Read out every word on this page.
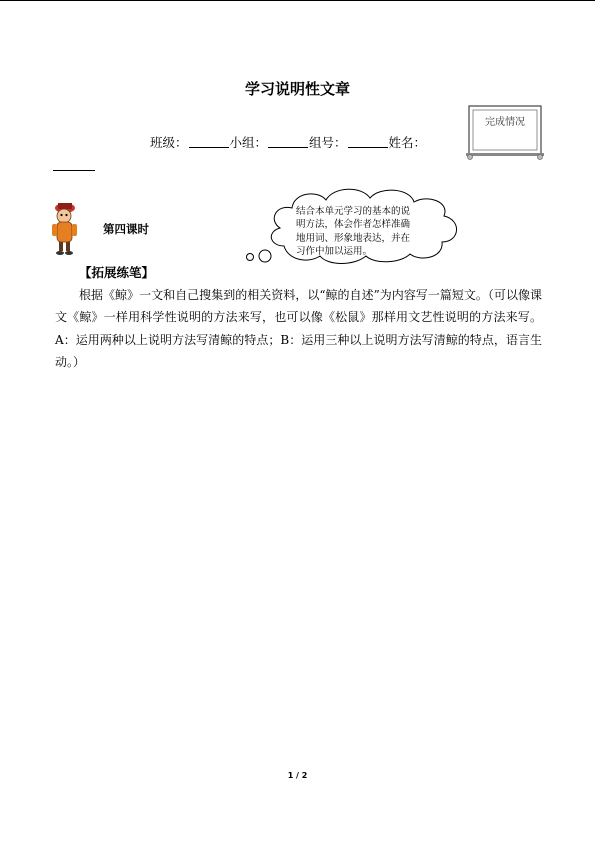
学习说明性文章
班级：	小组：	组号：	姓名：
完成情况
第四课时
结合本单元学习的基本的说明方法，体会作者怎样准确地用词、形象地表达，并在习作中加以运用。
【拓展练笔】
根据《鲸》一文和自己搜集到的相关资料，以“鲸的自述”为内容写一篇短文。（可以像课文《鲸》一样用科学性说明的方法来写，也可以像《松鼠》那样用文艺性说明的方法来写。A：运用两种以上说明方法写清鲸的特点；B：运用三种以上说明方法写清鲸的特点，语言生动。）
1 / 2
